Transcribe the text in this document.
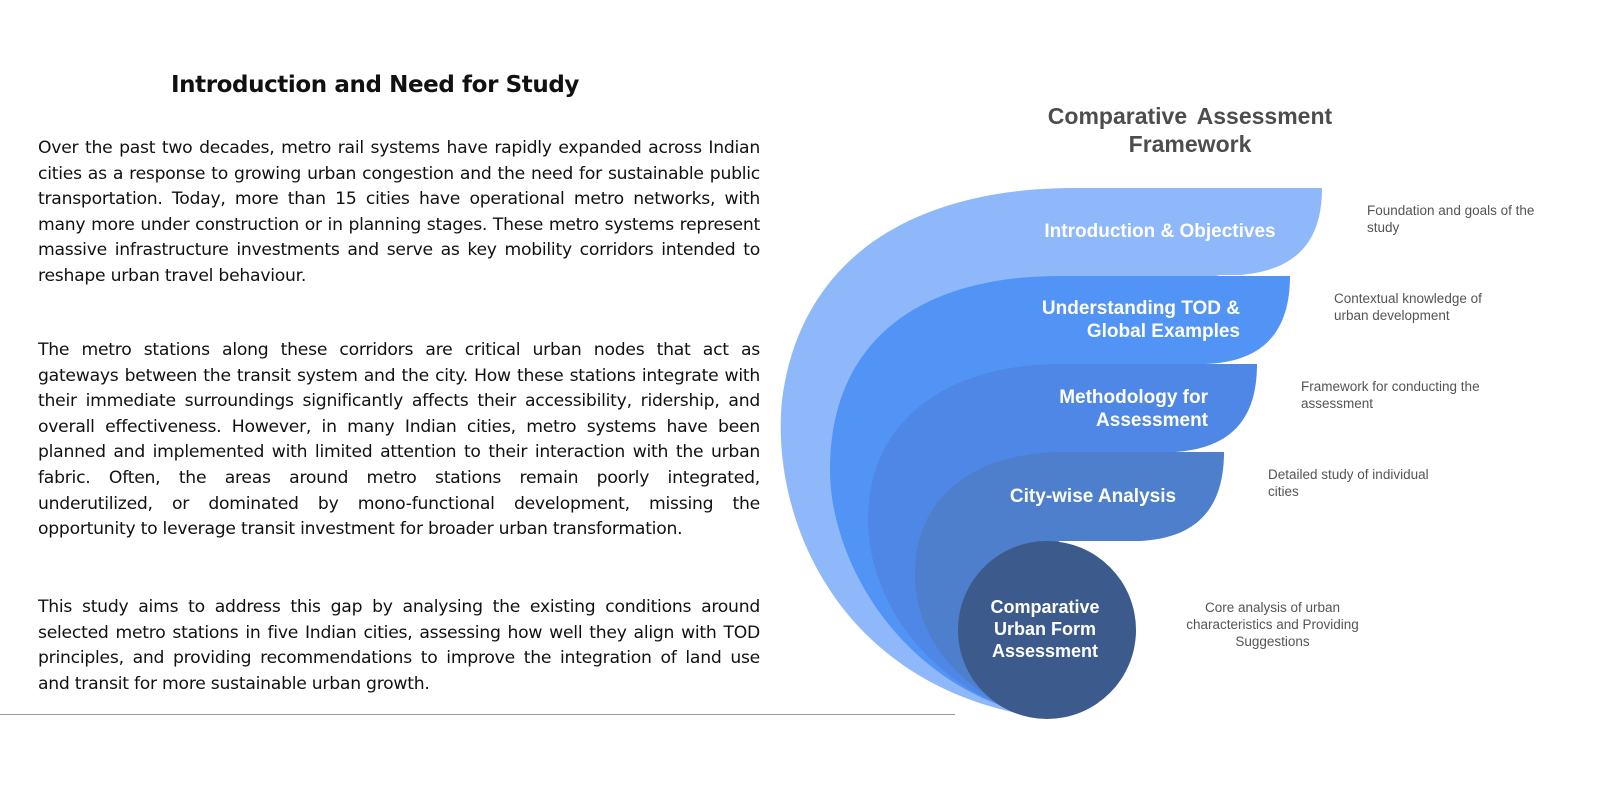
Introduction and Need for Study

Over the past two decades, metro rail systems have rapidly expanded across Indian cities as a response to growing urban congestion and the need for sustainable public transportation. Today, more than 15 cities have operational metro networks, with many more under construction or in planning stages. These metro systems represent massive infrastructure investments and serve as key mobility corridors intended to reshape urban travel behaviour.

The metro stations along these corridors are critical urban nodes that act as gateways between the transit system and the city. How these stations integrate with their immediate surroundings significantly affects their accessibility, ridership, and overall effectiveness. However, in many Indian cities, metro systems have been planned and implemented with limited attention to their interaction with the urban fabric. Often, the areas around metro stations remain poorly integrated, underutilized, or dominated by mono-functional development, missing the opportunity to leverage transit investment for broader urban transformation.

This study aims to address this gap by analysing the existing conditions around selected metro stations in five Indian cities, assessing how well they align with TOD principles, and providing recommendations to improve the integration of land use and transit for more sustainable urban growth.

Comparative Assessment Framework
Introduction & Objectives
Understanding TOD & Global Examples
Methodology for Assessment
City-wise Analysis
Comparative Urban Form Assessment
Foundation and goals of the study
Contextual knowledge of urban development
Framework for conducting the assessment
Detailed study of individual cities
Core analysis of urban characteristics and Providing Suggestions
